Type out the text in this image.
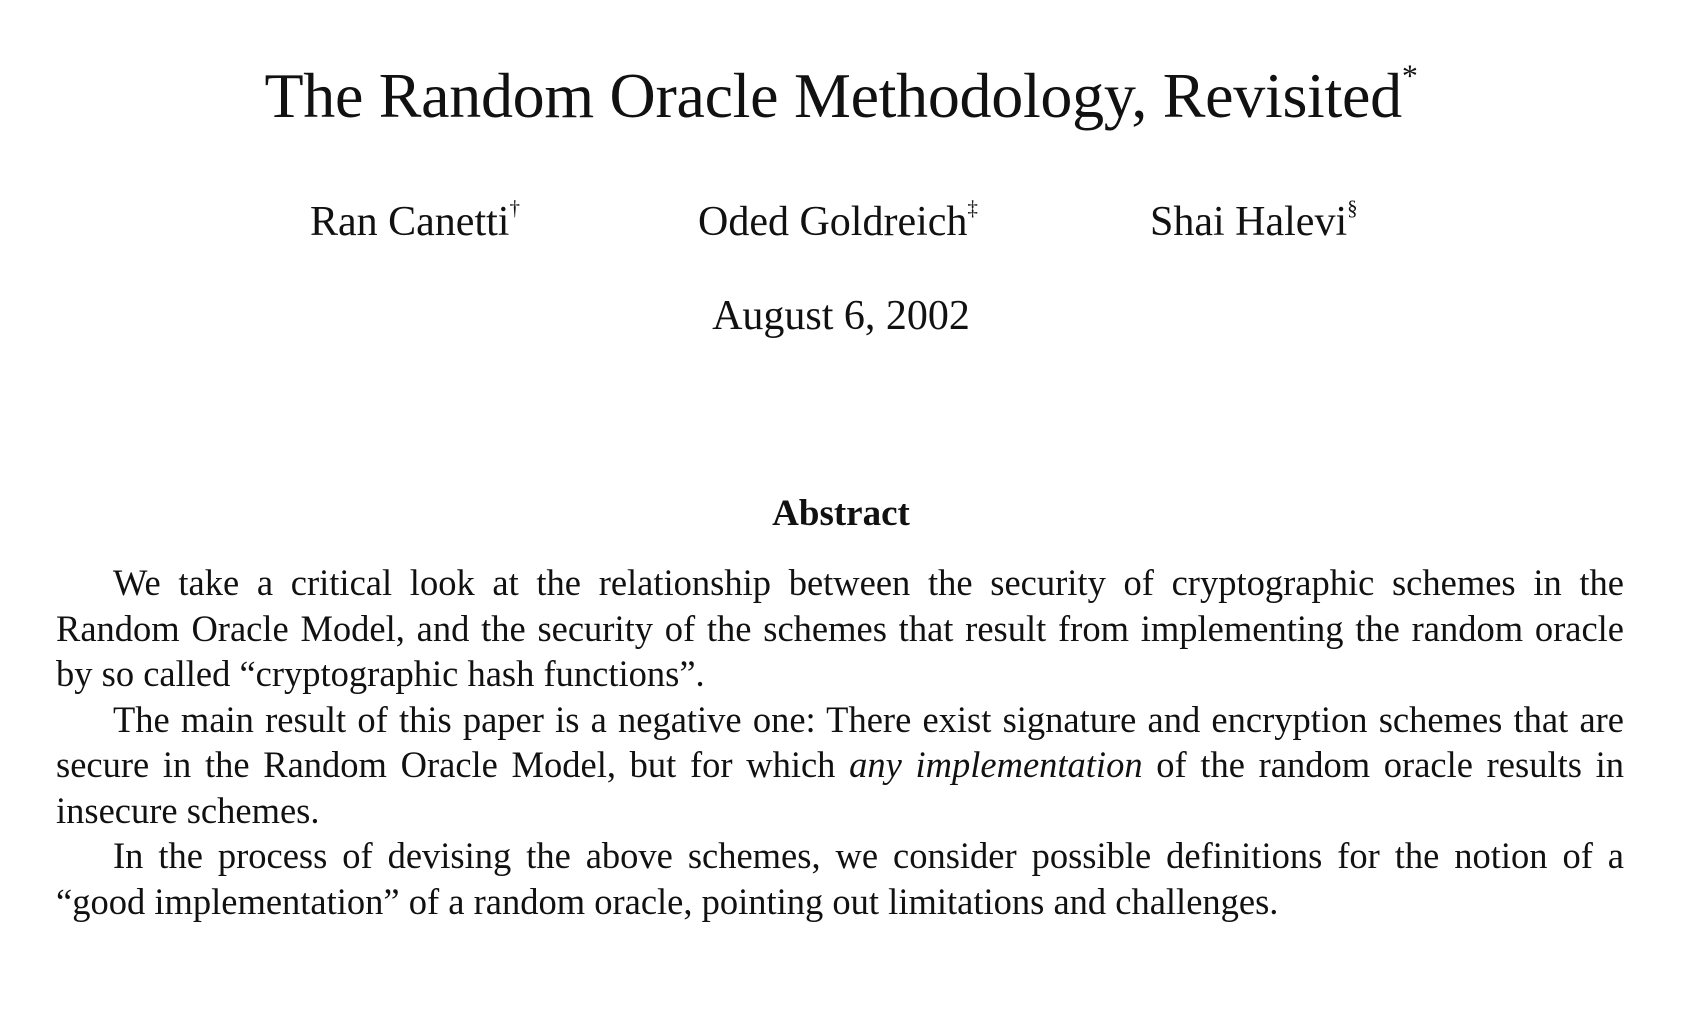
The Random Oracle Methodology, Revisited*
Ran Canetti†	Oded Goldreich‡	Shai Halevi§
August 6, 2002
Abstract

We take a critical look at the relationship between the security of cryptographic schemes in the Random Oracle Model, and the security of the schemes that result from implementing the random oracle by so called “cryptographic hash functions”.

The main result of this paper is a negative one: There exist signature and encryption schemes that are secure in the Random Oracle Model, but for which any implementation of the random oracle results in insecure schemes.

In the process of devising the above schemes, we consider possible definitions for the notion of a “good implementation” of a random oracle, pointing out limitations and challenges.
